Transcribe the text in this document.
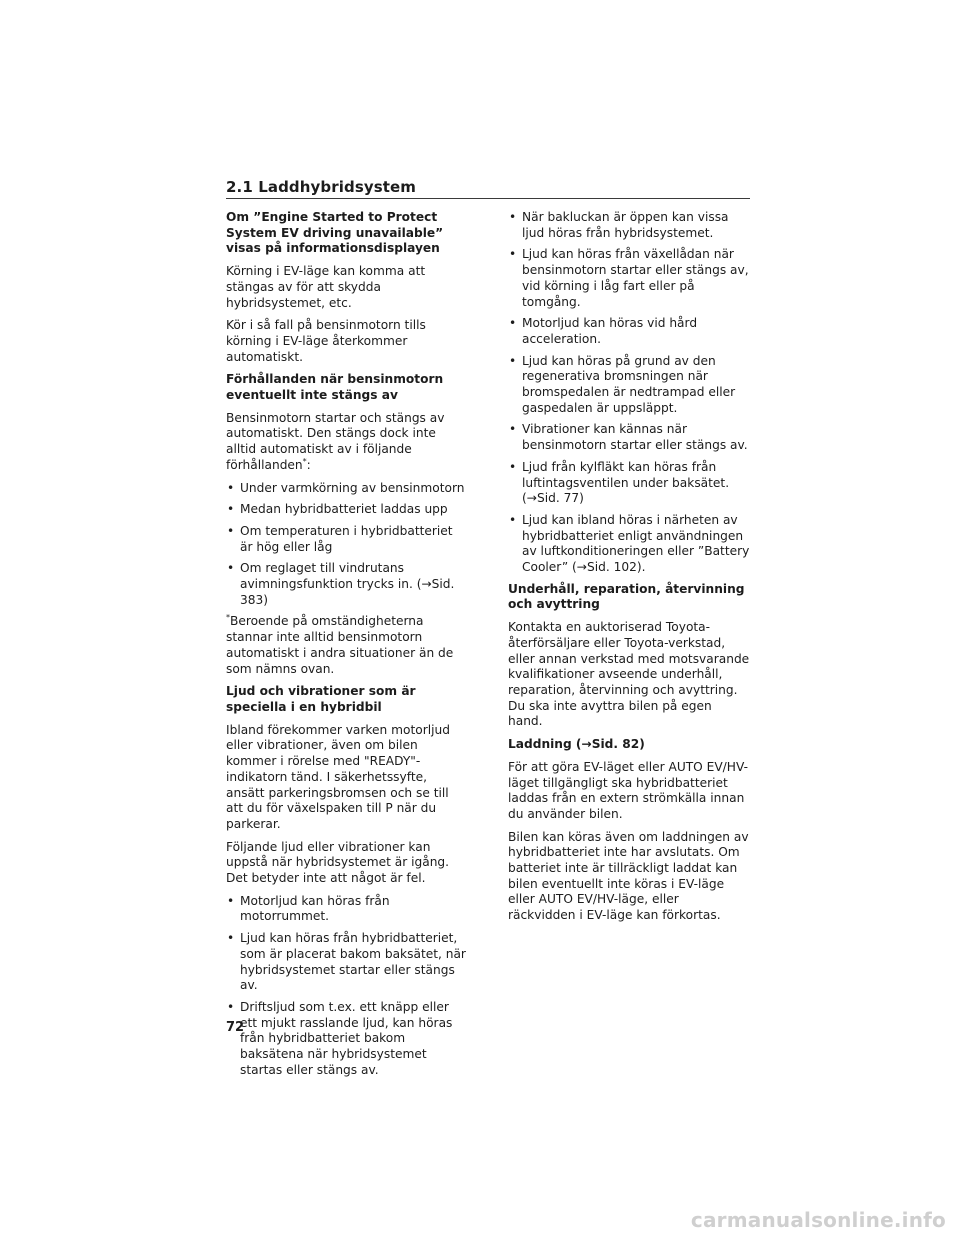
2.1 Laddhybridsystem
Om ”Engine Started to Protect System EV driving unavailable” visas på informationsdisplayen
Körning i EV-läge kan komma att stängas av för att skydda hybridsystemet, etc.
Kör i så fall på bensinmotorn tills körning i EV-läge återkommer automatiskt.
Förhållanden när bensinmotorn eventuellt inte stängs av
Bensinmotorn startar och stängs av automatiskt. Den stängs dock inte alltid automatiskt av i följande förhållanden*:
• Under varmkörning av bensinmotorn
• Medan hybridbatteriet laddas upp
• Om temperaturen i hybridbatteriet är hög eller låg
• Om reglaget till vindrutans avimningsfunktion trycks in. (→Sid. 383)
*Beroende på omständigheterna stannar inte alltid bensinmotorn automatiskt i andra situationer än de som nämns ovan.
Ljud och vibrationer som är speciella i en hybridbil
Ibland förekommer varken motorljud eller vibrationer, även om bilen kommer i rörelse med "READY"-indikatorn tänd. I säkerhetssyfte, ansätt parkeringsbromsen och se till att du för växelspaken till P när du parkerar.
Följande ljud eller vibrationer kan uppstå när hybridsystemet är igång. Det betyder inte att något är fel.
• Motorljud kan höras från motorrummet.
• Ljud kan höras från hybridbatteriet, som är placerat bakom baksätet, när hybridsystemet startar eller stängs av.
• Driftsljud som t.ex. ett knäpp eller ett mjukt rasslande ljud, kan höras från hybridbatteriet bakom baksätena när hybridsystemet startas eller stängs av.
• När bakluckan är öppen kan vissa ljud höras från hybridsystemet.
• Ljud kan höras från växellådan när bensinmotorn startar eller stängs av, vid körning i låg fart eller på tomgång.
• Motorljud kan höras vid hård acceleration.
• Ljud kan höras på grund av den regenerativa bromsningen när bromspedalen är nedtrampad eller gaspedalen är uppsläppt.
• Vibrationer kan kännas när bensinmotorn startar eller stängs av.
• Ljud från kylfläkt kan höras från luftintagsventilen under baksätet. (→Sid. 77)
• Ljud kan ibland höras i närheten av hybridbatteriet enligt användningen av luftkonditioneringen eller ”Battery Cooler” (→Sid. 102).
Underhåll, reparation, återvinning och avyttring
Kontakta en auktoriserad Toyota-återförsäljare eller Toyota-verkstad, eller annan verkstad med motsvarande kvalifikationer avseende underhåll, reparation, återvinning och avyttring. Du ska inte avyttra bilen på egen hand.
Laddning (→Sid. 82)
För att göra EV-läget eller AUTO EV/HV-läget tillgängligt ska hybridbatteriet laddas från en extern strömkälla innan du använder bilen.
Bilen kan köras även om laddningen av hybridbatteriet inte har avslutats. Om batteriet inte är tillräckligt laddat kan bilen eventuellt inte köras i EV-läge eller AUTO EV/HV-läge, eller räckvidden i EV-läge kan förkortas.
72
carmanualsonline.info
